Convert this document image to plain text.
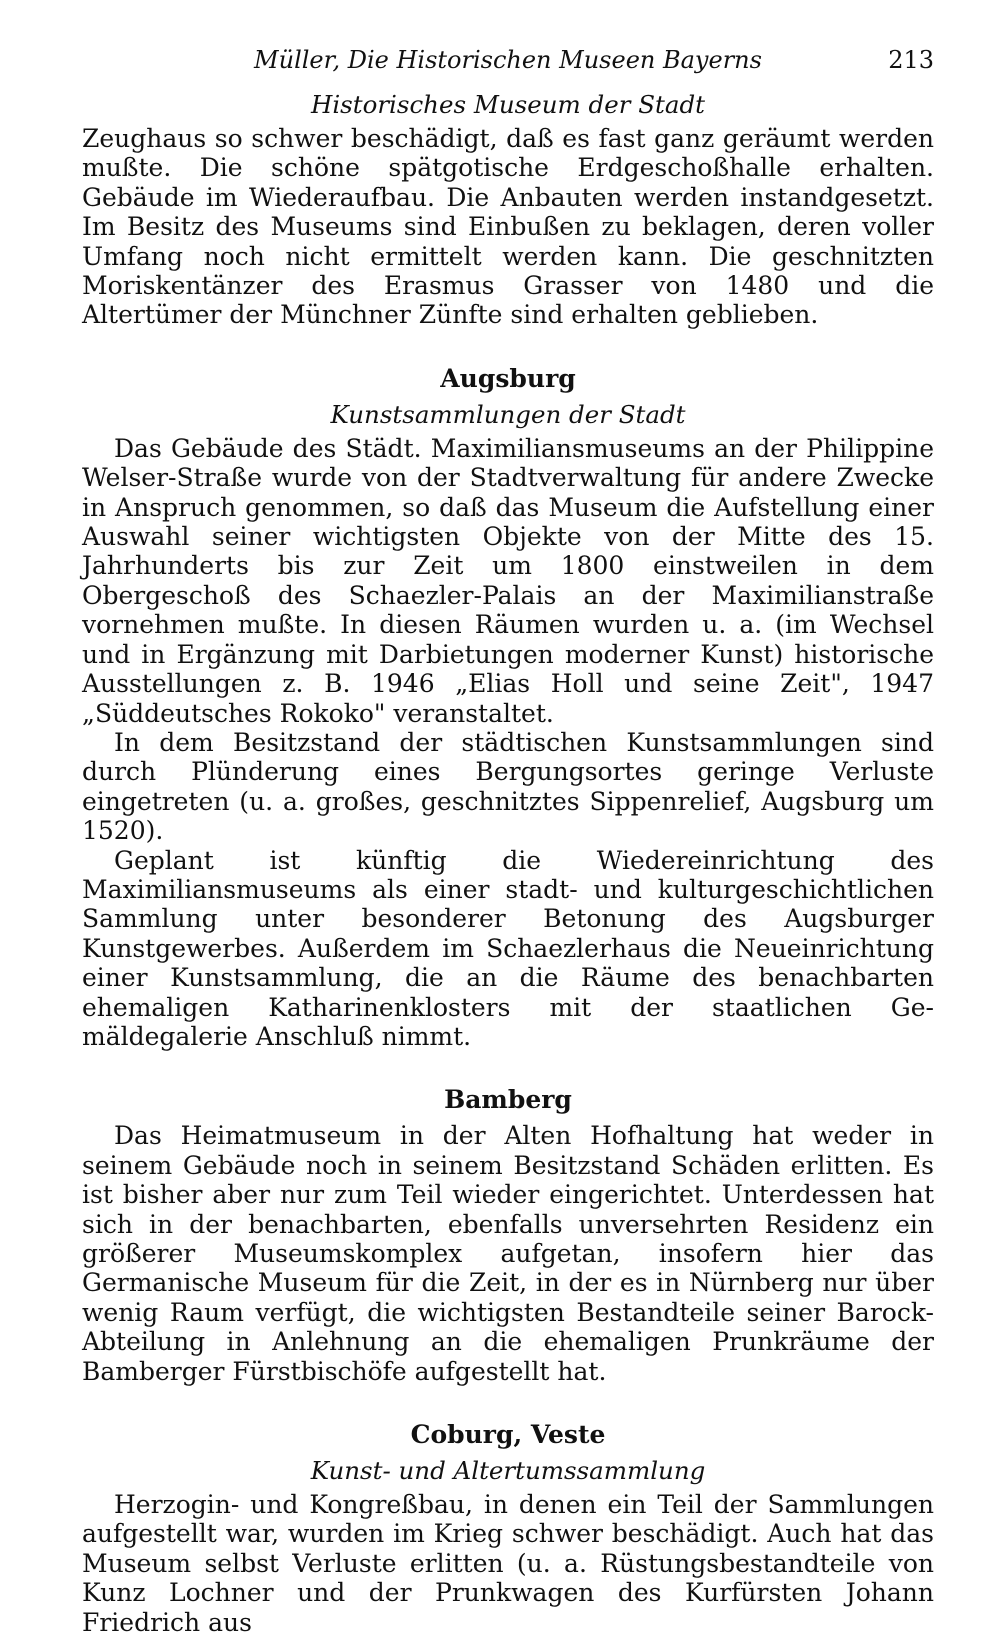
Müller, Die Historischen Museen Bayerns	213

Historisches Museum der Stadt

Zeughaus so schwer beschädigt, daß es fast ganz geräumt werden mußte. Die schöne spätgotische Erdgeschoßhalle erhalten. Gebäude im Wiederaufbau. Die Anbauten werden instandgesetzt. Im Besitz des Museums sind Einbußen zu beklagen, deren voller Umfang noch nicht ermittelt werden kann. Die geschnitzten Moriskentänzer des Erasmus Grasser von 1480 und die Altertümer der Münchner Zünfte sind erhalten geblieben.

Augsburg

Kunstsammlungen der Stadt

Das Gebäude des Städt. Maximiliansmuseums an der Philippine Welser-Straße wurde von der Stadtverwaltung für andere Zwecke in Anspruch genommen, so daß das Museum die Aufstellung einer Auswahl seiner wichtigsten Objekte von der Mitte des 15. Jahrhunderts bis zur Zeit um 1800 einstweilen in dem Obergeschoß des Schaezler-Palais an der Maximilianstraße vornehmen mußte. In diesen Räumen wurden u. a. (im Wechsel und in Ergänzung mit Darbietungen moderner Kunst) historische Ausstellungen z. B. 1946 „Elias Holl und seine Zeit", 1947 „Süddeutsches Rokoko" veranstaltet.

In dem Besitzstand der städtischen Kunstsammlungen sind durch Plünderung eines Bergungsortes geringe Verluste eingetreten (u. a. großes, geschnitztes Sippenrelief, Augsburg um 1520).

Geplant ist künftig die Wiedereinrichtung des Maximiliansmuseums als einer stadt- und kulturgeschichtlichen Sammlung unter besonderer Betonung des Augsburger Kunstgewerbes. Außerdem im Schaezlerhaus die Neueinrichtung einer Kunstsammlung, die an die Räume des benachbarten ehemaligen Katharinenklosters mit der staatlichen Gemäldegalerie Anschluß nimmt.

Bamberg

Das Heimatmuseum in der Alten Hofhaltung hat weder in seinem Gebäude noch in seinem Besitzstand Schäden erlitten. Es ist bisher aber nur zum Teil wieder eingerichtet. Unterdessen hat sich in der benachbarten, ebenfalls unversehrten Residenz ein größerer Museumskomplex aufgetan, insofern hier das Germanische Museum für die Zeit, in der es in Nürnberg nur über wenig Raum verfügt, die wichtigsten Bestandteile seiner Barock-Abteilung in Anlehnung an die ehemaligen Prunkräume der Bamberger Fürstbischöfe aufgestellt hat.

Coburg, Veste

Kunst- und Altertumssammlung

Herzogin- und Kongreßbau, in denen ein Teil der Sammlungen aufgestellt war, wurden im Krieg schwer beschädigt. Auch hat das Museum selbst Verluste erlitten (u. a. Rüstungsbestandteile von Kunz Lochner und der Prunkwagen des Kurfürsten Johann Friedrich aus
